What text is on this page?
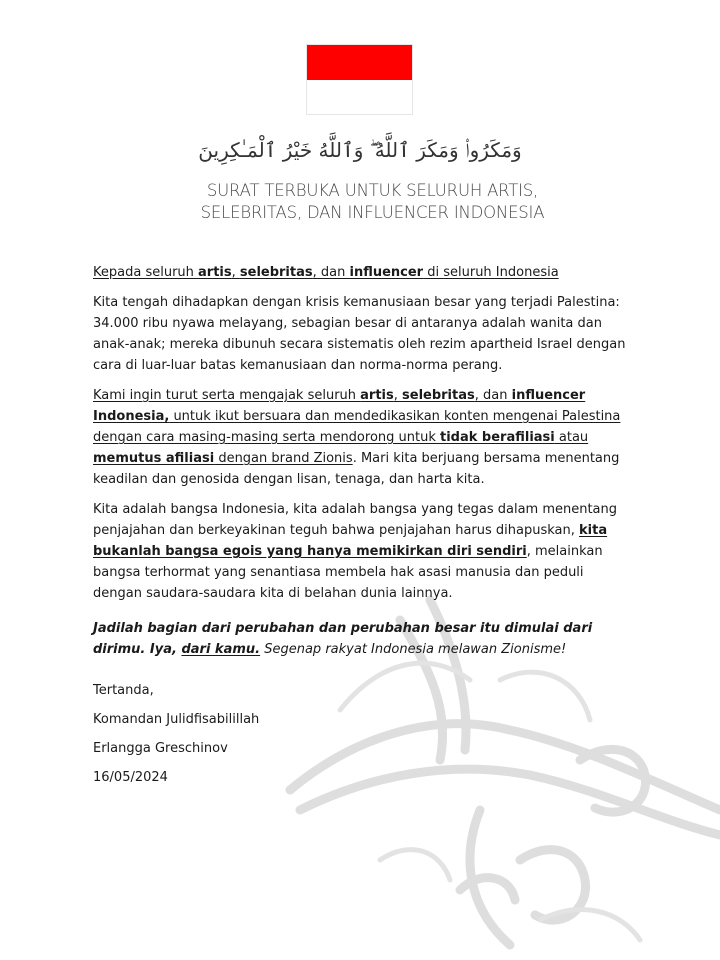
وَمَكَرُوا۟ وَمَكَرَ ٱللَّهُ ۖ وَٱللَّهُ خَيْرُ ٱلْمَـٰكِرِينَ
SURAT TERBUKA UNTUK SELURUH ARTIS,
SELEBRITAS, DAN INFLUENCER INDONESIA

Kepada seluruh artis, selebritas, dan influencer di seluruh Indonesia

Kita tengah dihadapkan dengan krisis kemanusiaan besar yang terjadi Palestina: 34.000 ribu nyawa melayang, sebagian besar di antaranya adalah wanita dan anak-anak; mereka dibunuh secara sistematis oleh rezim apartheid Israel dengan cara di luar-luar batas kemanusiaan dan norma-norma perang.

Kami ingin turut serta mengajak seluruh artis, selebritas, dan influencer Indonesia, untuk ikut bersuara dan mendedikasikan konten mengenai Palestina dengan cara masing-masing serta mendorong untuk tidak berafiliasi atau memutus afiliasi dengan brand Zionis. Mari kita berjuang bersama menentang keadilan dan genosida dengan lisan, tenaga, dan harta kita.

Kita adalah bangsa Indonesia, kita adalah bangsa yang tegas dalam menentang penjajahan dan berkeyakinan teguh bahwa penjajahan harus dihapuskan, kita bukanlah bangsa egois yang hanya memikirkan diri sendiri, melainkan bangsa terhormat yang senantiasa membela hak asasi manusia dan peduli dengan saudara-saudara kita di belahan dunia lainnya.

Jadilah bagian dari perubahan dan perubahan besar itu dimulai dari dirimu. Iya, dari kamu. Segenap rakyat Indonesia melawan Zionisme!

Tertanda,

Komandan Julidfisabilillah

Erlangga Greschinov

16/05/2024
